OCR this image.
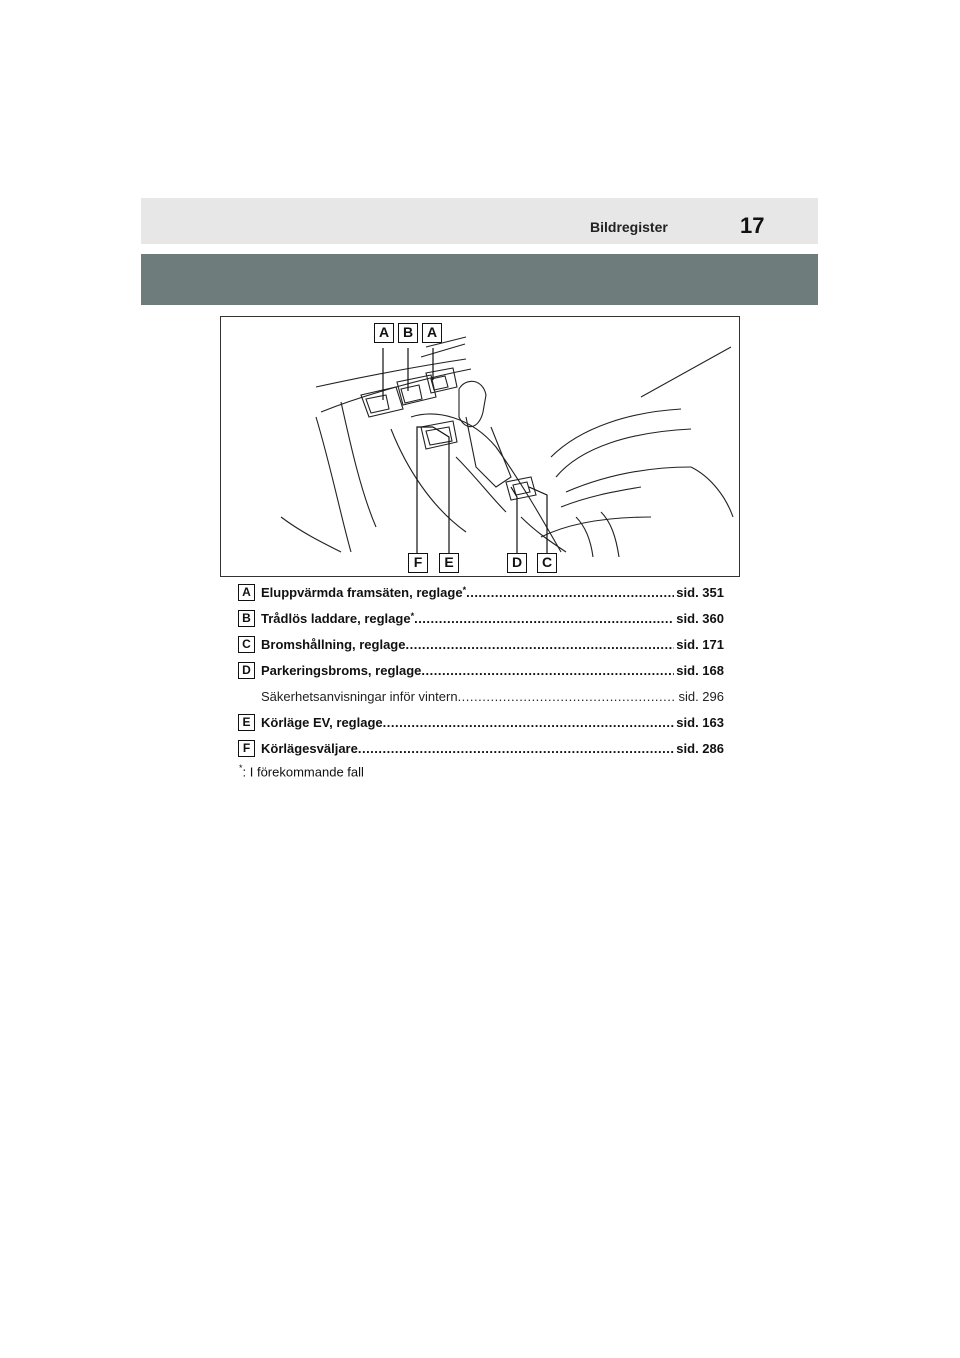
Bildregister	17
A B A
F	E	D	C
A Eluppvärmda framsäten, reglage * .....	sid. 351
B Trådlös laddare, reglage * .....	sid. 360
C Bromshållning, reglage .....	sid. 171
D Parkeringsbroms, reglage .....	sid. 168
Säkerhetsanvisningar inför vintern .....	sid. 296
E Körläge EV, reglage .....	sid. 163
F Körlägesväljare .....	sid. 286
*: I förekommande fall
